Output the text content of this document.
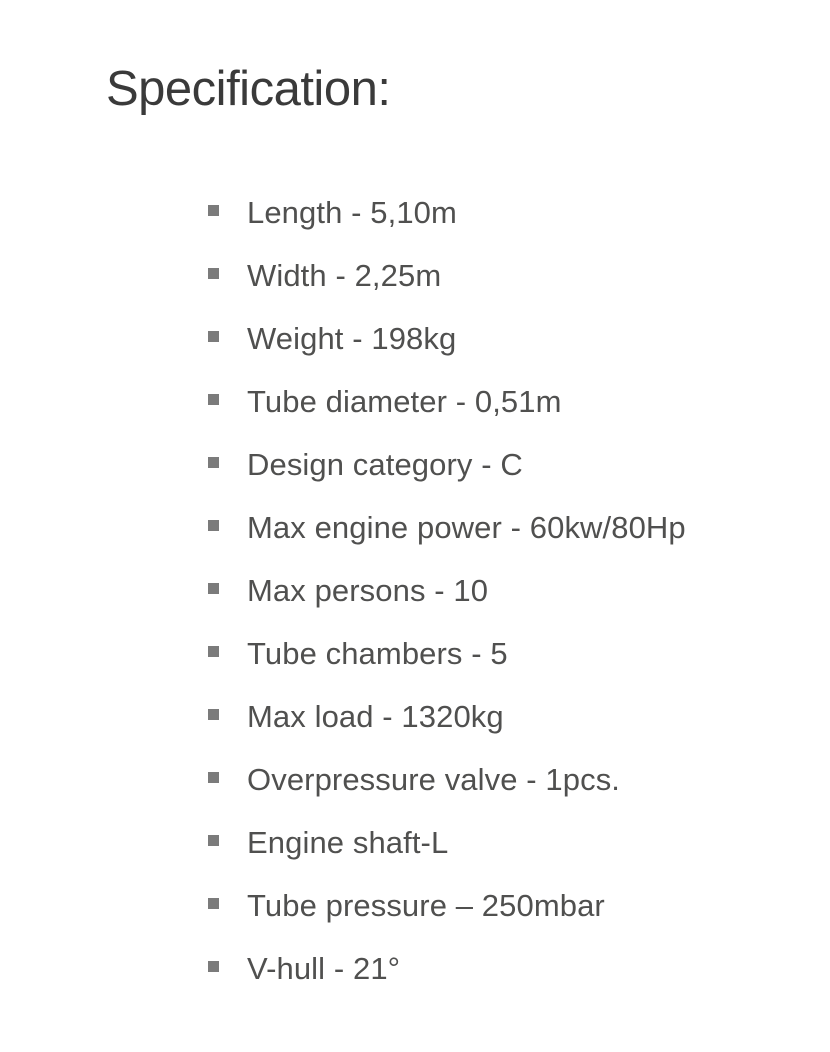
Specification:
Length - 5,10m
Width - 2,25m
Weight - 198kg
Tube diameter - 0,51m
Design category - C
Max engine power - 60kw/80Hp
Max persons - 10
Tube chambers - 5
Max load - 1320kg
Overpressure valve - 1pcs.
Engine shaft-L
Tube pressure – 250mbar
V-hull - 21°
